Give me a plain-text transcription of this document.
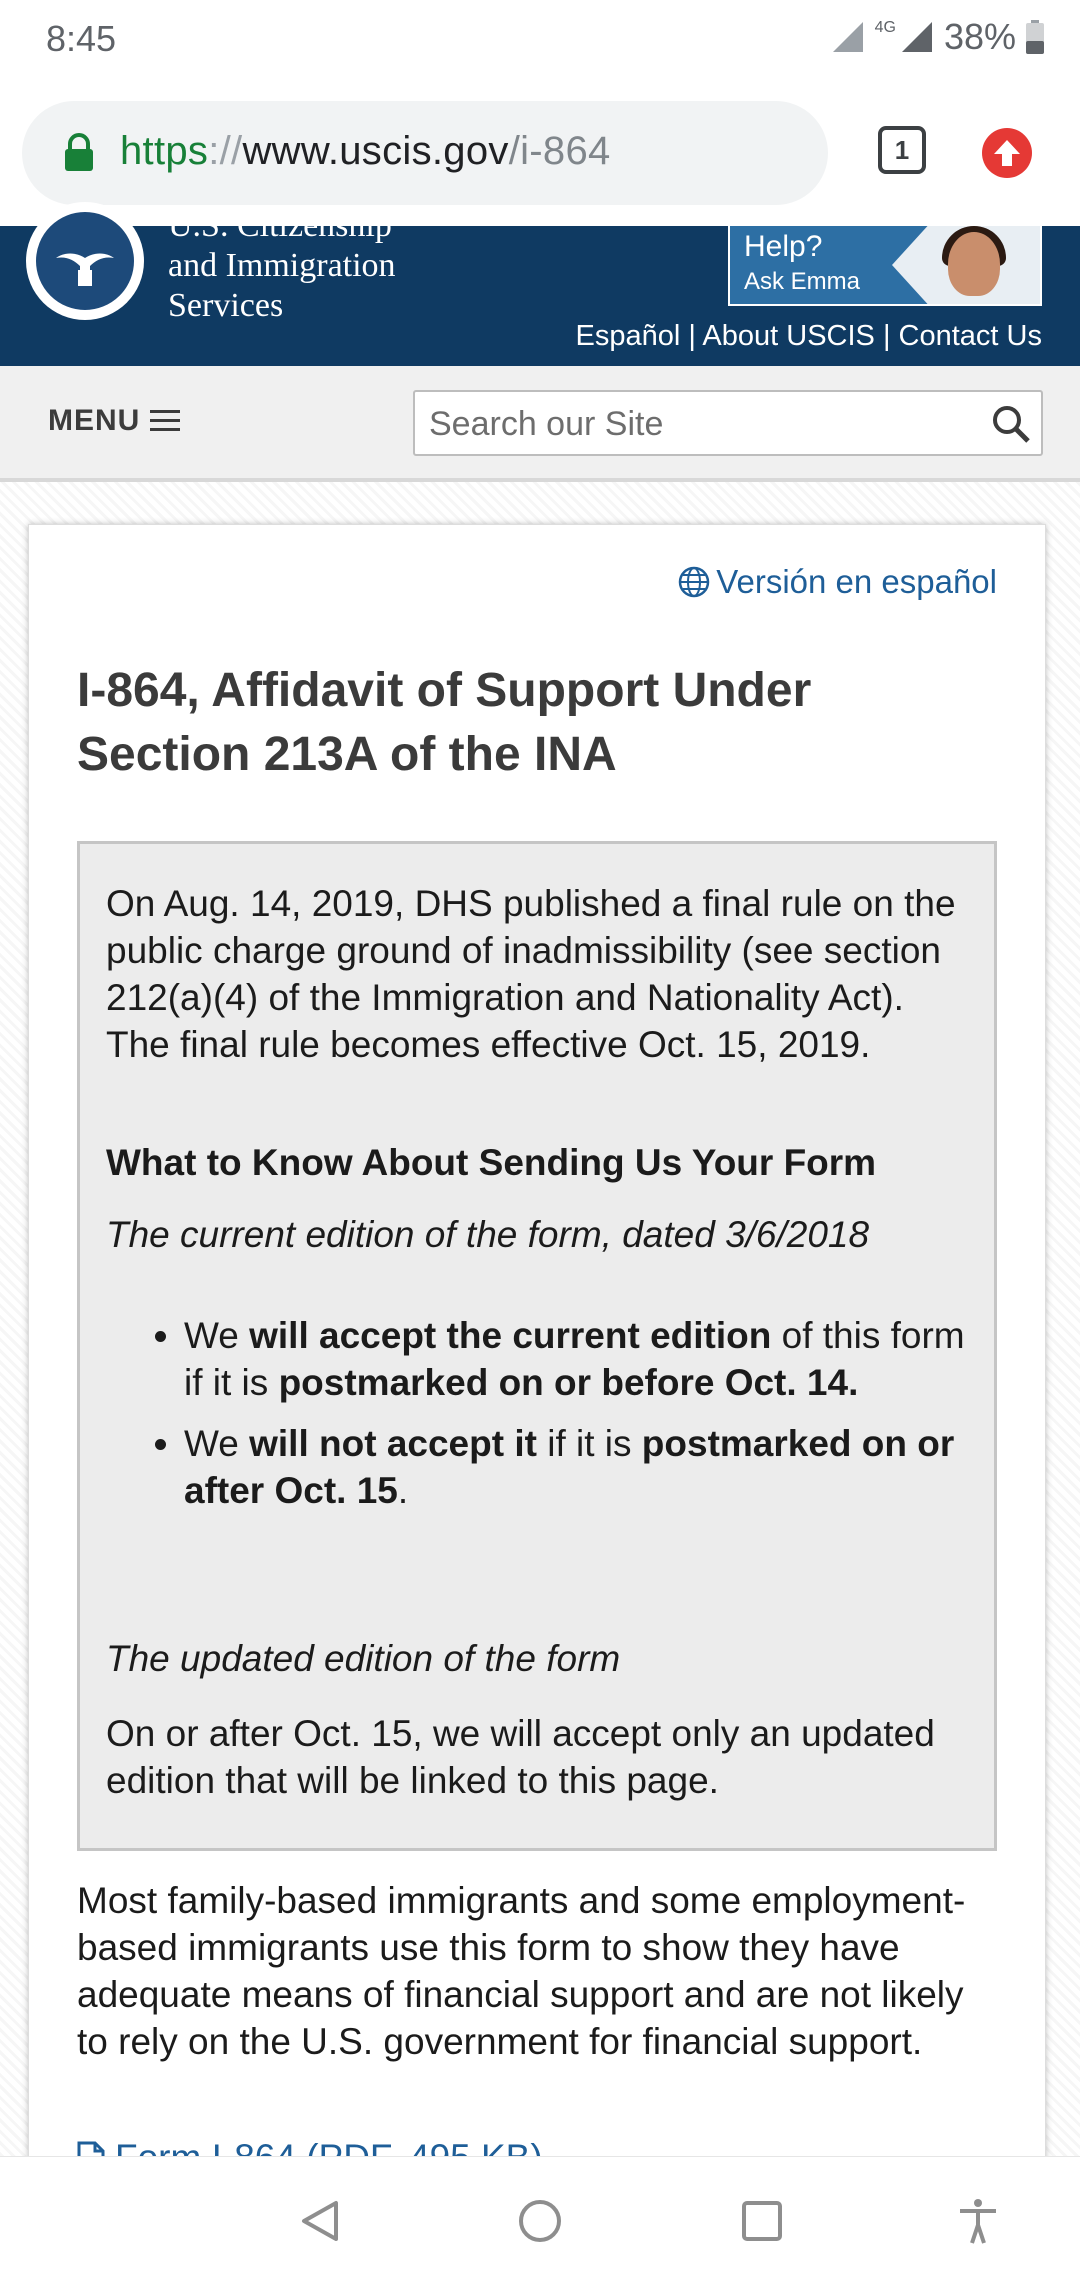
8:45	4G 38%
https://www.uscis.gov/i-864	1
U.S. Citizenship
and Immigration
Services
Help?
Ask Emma
Español | About USCIS | Contact Us
MENU	Search our Site
Versión en español
I-864, Affidavit of Support Under Section 213A of the INA
On Aug. 14, 2019, DHS published a final rule on the public charge ground of inadmissibility (see section 212(a)(4) of the Immigration and Nationality Act). The final rule becomes effective Oct. 15, 2019.
What to Know About Sending Us Your Form
The current edition of the form, dated 3/6/2018
• We will accept the current edition of this form if it is postmarked on or before Oct. 14.
• We will not accept it if it is postmarked on or after Oct. 15.
The updated edition of the form
On or after Oct. 15, we will accept only an updated edition that will be linked to this page.
Most family-based immigrants and some employment-based immigrants use this form to show they have adequate means of financial support and are not likely to rely on the U.S. government for financial support.
